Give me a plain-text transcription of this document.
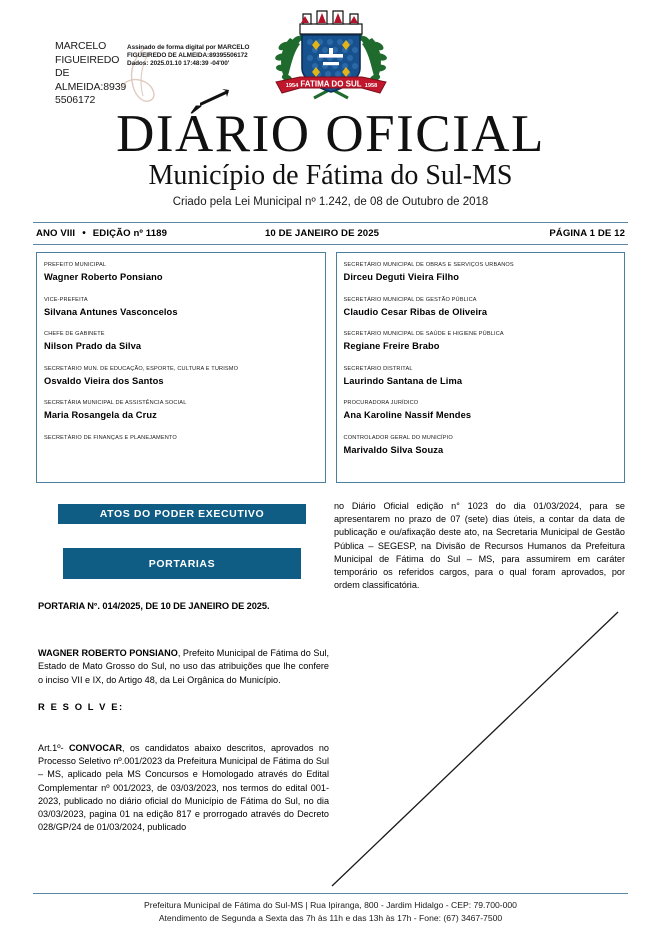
MARCELO FIGUEIREDO DE ALMEIDA:89395506172
Assinado de forma digital por MARCELO FIGUEIREDO DE ALMEIDA:89395506172 Dados: 2025.01.10 17:48:39 -04'00'
FATIMA DO SUL
1954	1958
DIÁRIO OFICIAL
Município de Fátima do Sul-MS
Criado pela Lei Municipal nº 1.242, de 08 de Outubro de 2018
ANO VIII • EDIÇÃO nº 1189	10 DE JANEIRO DE 2025	PÁGINA 1 DE 12
PREFEITO MUNICIPAL
Wagner Roberto Ponsiano
VICE-PREFEITA
Silvana Antunes Vasconcelos
CHEFE DE GABINETE
Nilson Prado da Silva
SECRETÁRIO MUN. DE EDUCAÇÃO, ESPORTE, CULTURA E TURISMO
Osvaldo Vieira dos Santos
SECRETÁRIA MUNICIPAL DE ASSISTÊNCIA SOCIAL
Maria Rosangela da Cruz
SECRETÁRIO DE FINANÇAS E PLANEJAMENTO
SECRETÁRIO MUNICIPAL DE OBRAS E SERVIÇOS URBANOS
Dirceu Deguti Vieira Filho
SECRETÁRIO MUNICIPAL DE GESTÃO PÚBLICA
Claudio Cesar Ribas de Oliveira
SECRETÁRIO MUNICIPAL DE SAÚDE E HIGIENE PÚBLICA
Regiane Freire Brabo
SECRETÁRIO DISTRITAL
Laurindo Santana de Lima
PROCURADORA JURÍDICO
Ana Karoline Nassif Mendes
CONTROLADOR GERAL DO MUNICÍPIO
Marivaldo Silva Souza
ATOS DO PODER EXECUTIVO
PORTARIAS
PORTARIA N°. 014/2025, DE 10 DE JANEIRO DE 2025.
WAGNER ROBERTO PONSIANO, Prefeito Municipal de Fátima do Sul, Estado de Mato Grosso do Sul, no uso das atribuições que lhe confere o inciso VII e IX, do Artigo 48, da Lei Orgânica do Município.
R E S O L V E:
Art.1º- CONVOCAR, os candidatos abaixo descritos, aprovados no Processo Seletivo nº.001/2023 da Prefeitura Municipal de Fátima do Sul – MS, aplicado pela MS Concursos e Homologado através do Edital Complementar nº 001/2023, de 03/03/2023, nos termos do edital 001-2023, publicado no diário oficial do Município de Fátima do Sul, no dia 03/03/2023, pagina 01 na edição 817 e prorrogado através do Decreto 028/GP/24 de 01/03/2024, publicado
no Diário Oficial edição n° 1023 do dia 01/03/2024, para se apresentarem no prazo de 07 (sete) dias úteis, a contar da data de publicação e ou/afixação deste ato, na Secretaria Municipal de Gestão Pública – SEGESP, na Divisão de Recursos Humanos da Prefeitura Municipal de Fátima do Sul – MS, para assumirem em caráter temporário os referidos cargos, para o qual foram aprovados, por ordem classificatória.
Prefeitura Municipal de Fátima do Sul-MS | Rua Ipiranga, 800 - Jardim Hidalgo - CEP: 79.700-000
Atendimento de Segunda a Sexta das 7h às 11h e das 13h às 17h - Fone: (67) 3467-7500
